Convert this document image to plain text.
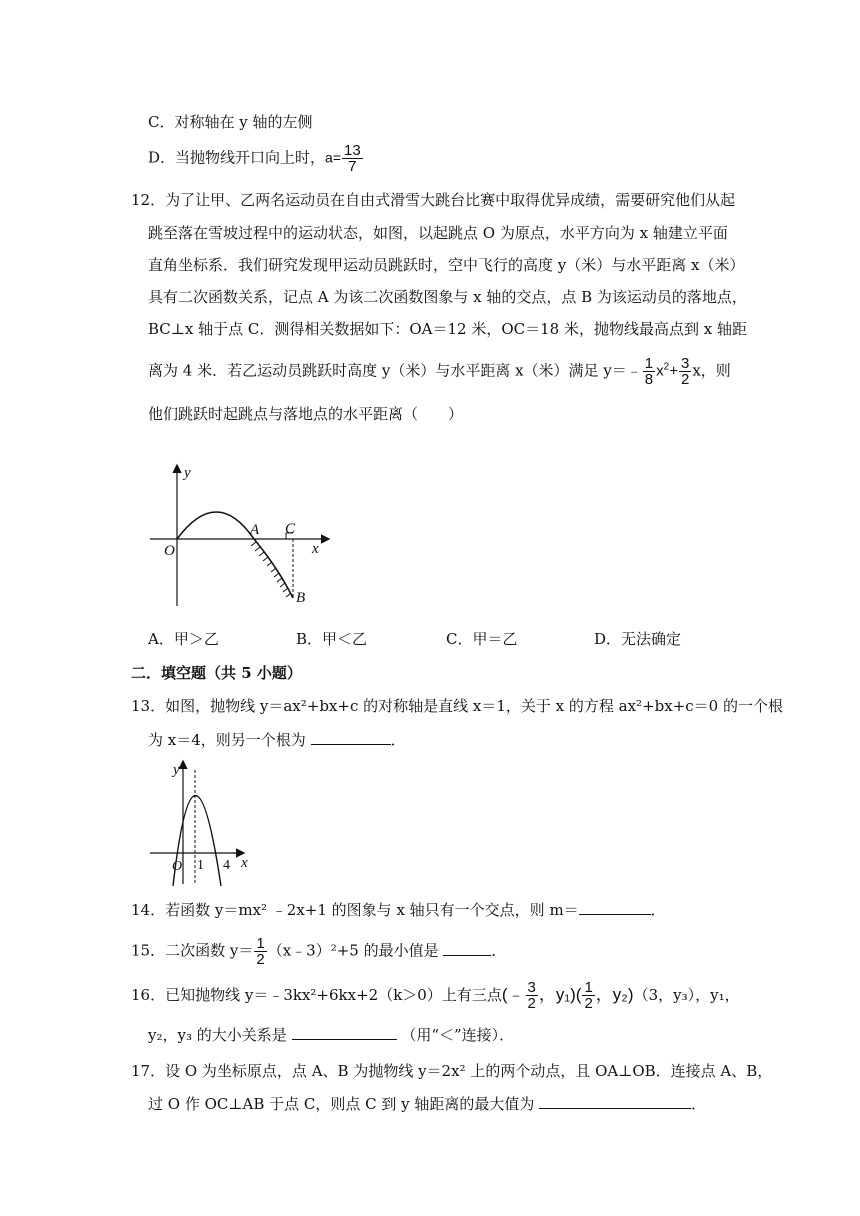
C．对称轴在 y 轴的左侧
D．当抛物线开口向上时，$a= \frac{13}{7}$
12．为了让甲、乙两名运动员在自由式滑雪大跳台比赛中取得优异成绩，需要研究他们从起
跳至落在雪坡过程中的运动状态，如图，以起跳点 O 为原点，水平方向为 x 轴建立平面
直角坐标系．我们研究发现甲运动员跳跃时，空中飞行的高度 y（米）与水平距离 x（米）
具有二次函数关系，记点 A 为该二次函数图象与 x 轴的交点，点 B 为该运动员的落地点，
BC⊥x 轴于点 C．测得相关数据如下：OA＝12 米，OC＝18 米，抛物线最高点到 x 轴距
离为 4 米．若乙运动员跳跃时高度 y（米）与水平距离 x（米）满足 y＝﹣ $\frac{1}{8} x^2+ \frac{3}{2}$ x，则
他们跳跃时起跳点与落地点的水平距离（　　）
y
O
A C
x
B
A．甲＞乙	B．甲＜乙	C．甲＝乙	D．无法确定
二．填空题（共 5 小题）
13．如图，抛物线 y＝ax²+bx+c 的对称轴是直线 x＝1，关于 x 的方程 ax²+bx+c＝0 的一个根
为 x＝4，则另一个根为	．
y
O 1 4 x
14．若函数 y＝mx² ﹣2x+1 的图象与 x 轴只有一个交点，则 m＝	．
15．二次函数 $y= \frac{1}{2}$ （x﹣3）²+5 的最小值是	．
16．已知抛物线 y＝﹣3kx²+6kx+2（k＞0）上有三点(﹣ $\frac{3}{2}$ ，$y_1)( \frac{1}{2}$ ，y₂)（3，y₃），y₁，
y₂，y₃ 的大小关系是	（用“＜”连接）．
17．设 O 为坐标原点，点 A、B 为抛物线 y＝2x² 上的两个动点，且 OA⊥OB．连接点 A、B，
过 O 作 OC⊥AB 于点 C，则点 C 到 y 轴距离的最大值为	．
